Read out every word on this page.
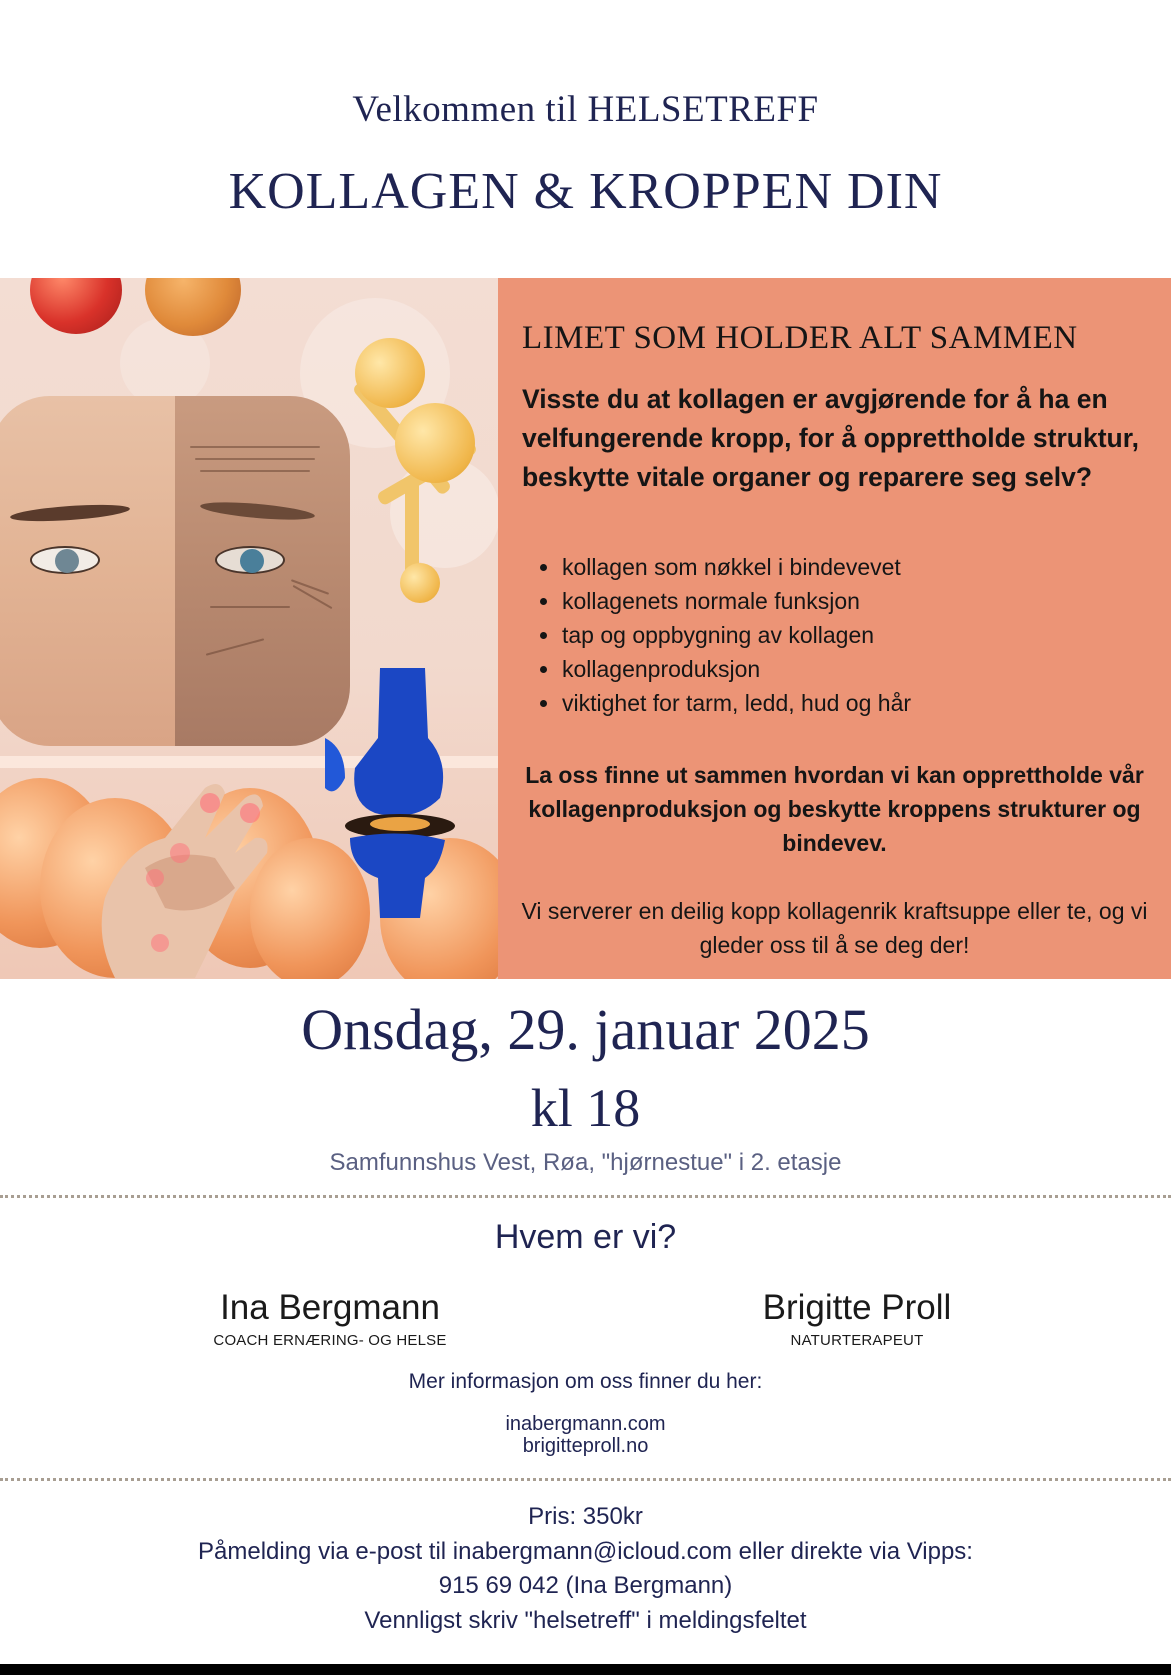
Velkommen til HELSETREFF
KOLLAGEN & KROPPEN DIN
LIMET SOM HOLDER ALT SAMMEN
Visste du at kollagen er avgjørende for å ha en velfungerende kropp, for å opprettholde struktur, beskytte vitale organer og reparere seg selv?
kollagen som nøkkel i bindevevet
kollagenets normale funksjon
tap og oppbygning av kollagen
kollagenproduksjon
viktighet for tarm, ledd, hud og hår
La oss finne ut sammen hvordan vi kan opprettholde vår kollagenproduksjon og beskytte kroppens strukturer og bindevev.
Vi serverer en deilig kopp kollagenrik kraftsuppe eller te, og vi gleder oss til å se deg der!
Onsdag, 29. januar 2025
kl 18
Samfunnshus Vest, Røa, "hjørnestue" i 2. etasje
Hvem er vi?
Ina Bergmann
COACH ERNÆRING- OG HELSE
Brigitte Proll
NATURTERAPEUT
Mer informasjon om oss finner du her:
inabergmann.com
brigitteproll.no
Pris: 350kr
Påmelding via e-post til inabergmann@icloud.com eller direkte via Vipps:
915 69 042 (Ina Bergmann)
Vennligst skriv "helsetreff" i meldingsfeltet
